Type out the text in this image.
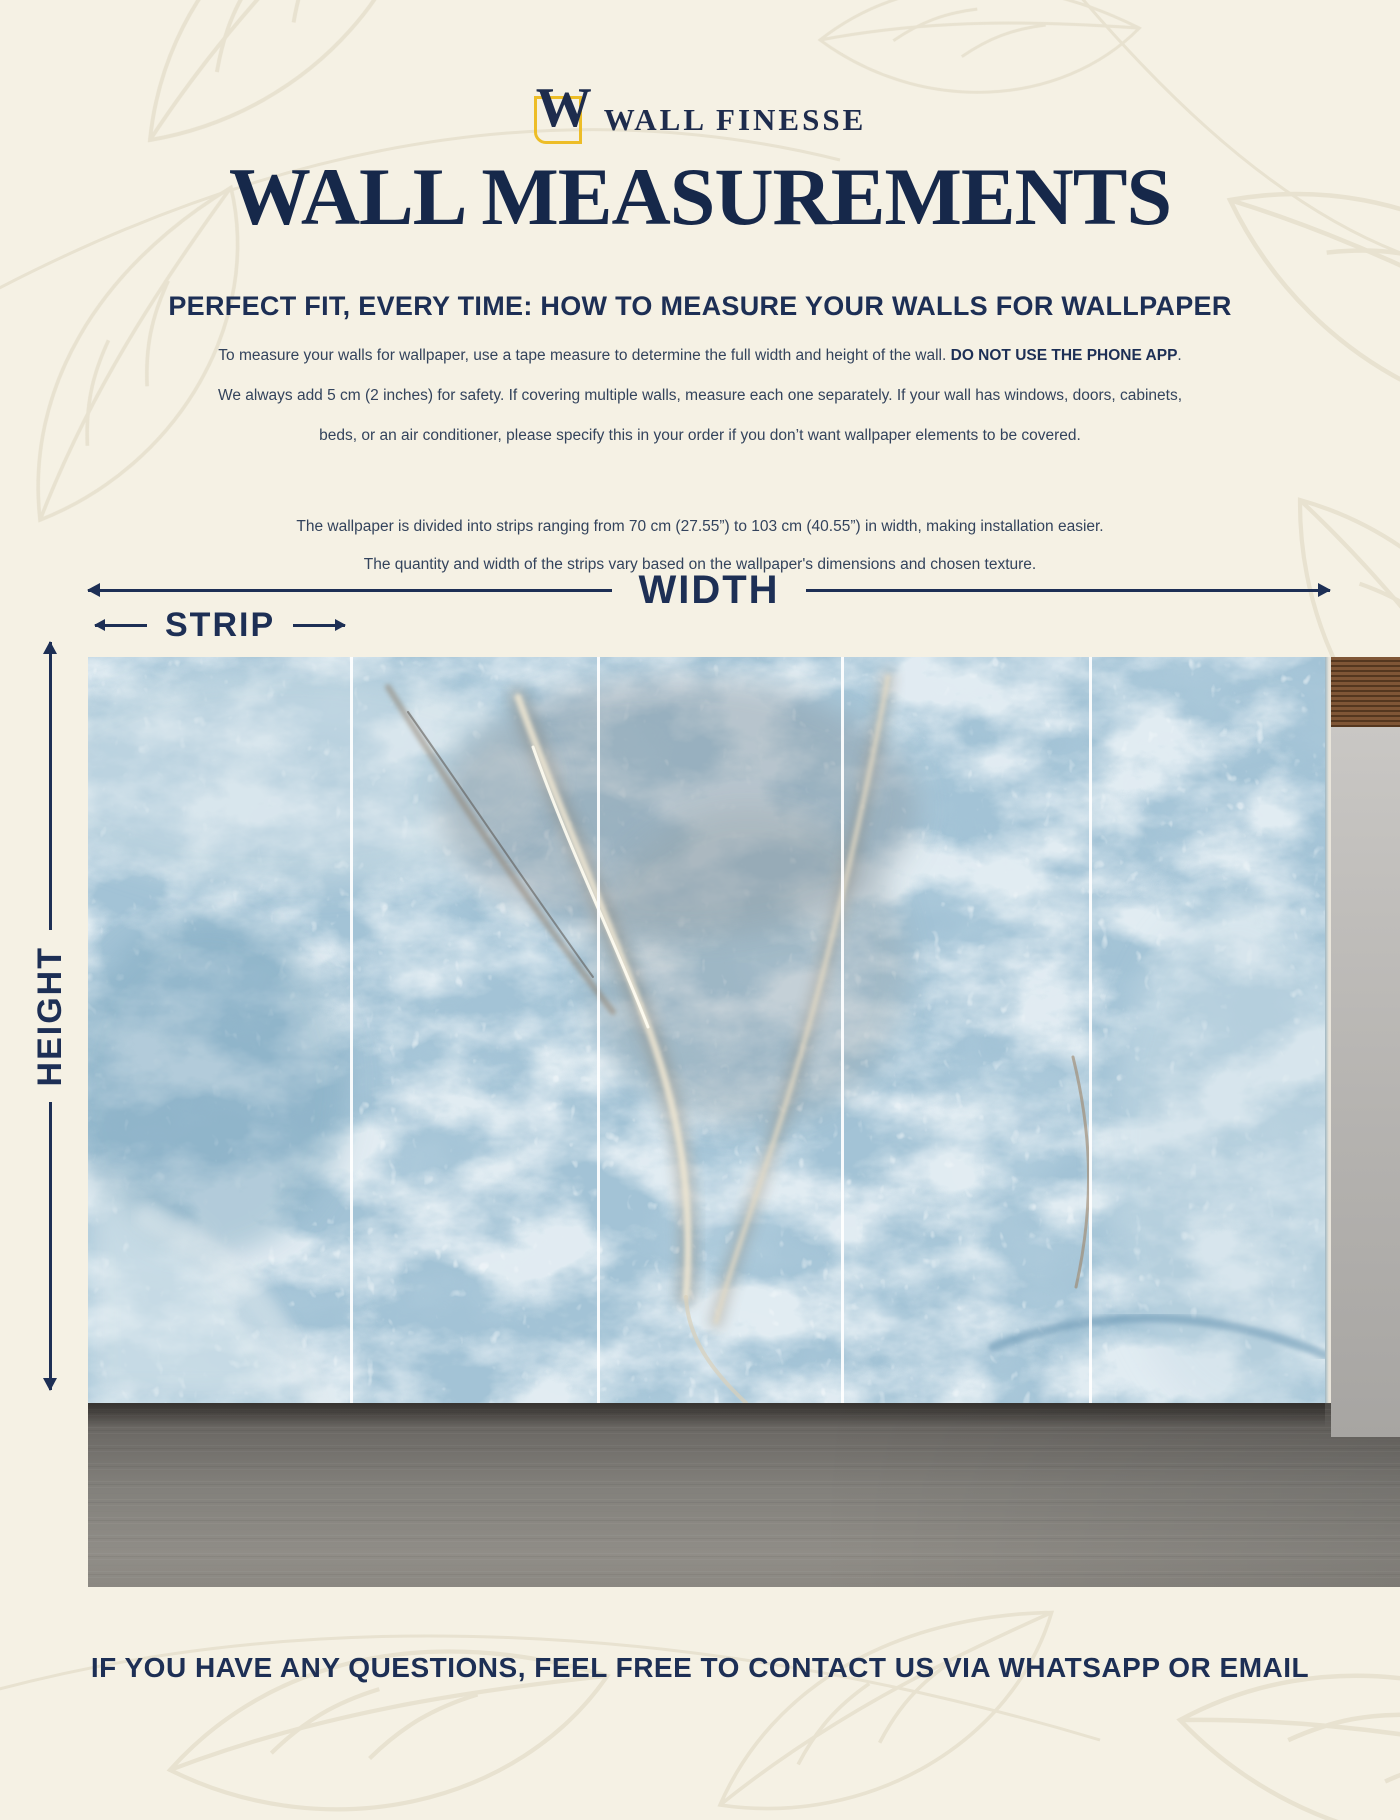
W WALL FINESSE
WALL MEASUREMENTS
PERFECT FIT, EVERY TIME: HOW TO MEASURE YOUR WALLS FOR WALLPAPER
To measure your walls for wallpaper, use a tape measure to determine the full width and height of the wall. DO NOT USE THE PHONE APP.
We always add 5 cm (2 inches) for safety. If covering multiple walls, measure each one separately. If your wall has windows, doors, cabinets,
beds, or an air conditioner, please specify this in your order if you don’t want wallpaper elements to be covered.
The wallpaper is divided into strips ranging from 70 cm (27.55”) to 103 cm (40.55”) in width, making installation easier.
The quantity and width of the strips vary based on the wallpaper's dimensions and chosen texture.
WIDTH
STRIP
HEIGHT
IF YOU HAVE ANY QUESTIONS, FEEL FREE TO CONTACT US VIA WHATSAPP OR EMAIL
